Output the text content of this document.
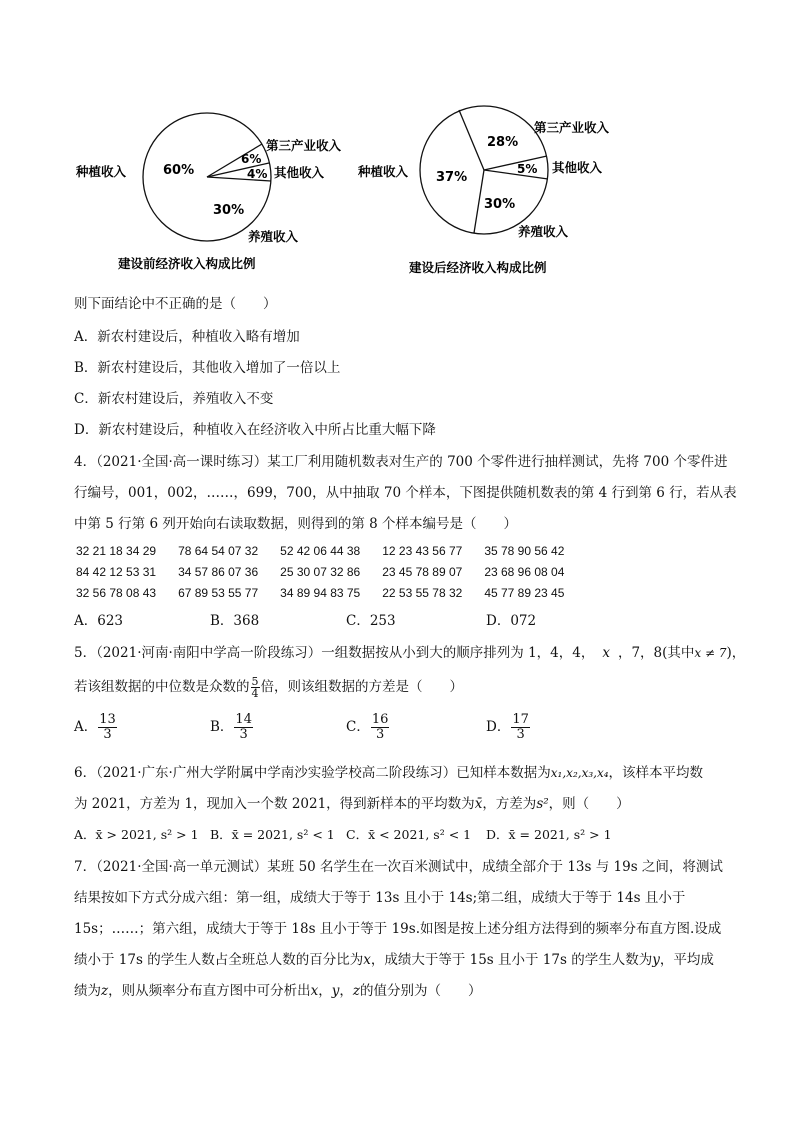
60%
6%
4%
30%
种植收入
第三产业收入
其他收入
养殖收入
建设前经济收入构成比例
37%
28%
5%
30%
种植收入
第三产业收入
其他收入
养殖收入
建设后经济收入构成比例
则下面结论中不正确的是（　　）
A．新农村建设后，种植收入略有增加
B．新农村建设后，其他收入增加了一倍以上
C．新农村建设后，养殖收入不变
D．新农村建设后，种植收入在经济收入中所占比重大幅下降
4．（2021·全国·高一课时练习）某工厂利用随机数表对生产的 700 个零件进行抽样测试，先将 700 个零件进
行编号，001，002，……，699，700，从中抽取 70 个样本，下图提供随机数表的第 4 行到第 6 行，若从表
中第 5 行第 6 列开始向右读取数据，则得到的第 8 个样本编号是（　　）
32 21 18 34 29 78 64 54 07 32 52 42 06 44 38 12 23 43 56 77 35 78 90 56 42
84 42 12 53 31 34 57 86 07 36 25 30 07 32 86 23 45 78 89 07 23 68 96 08 04
32 56 78 08 43 67 89 53 55 77 34 89 94 83 75 22 53 55 78 32 45 77 89 23 45
A．623	B．368	C．253	D．072
5．（2021·河南·南阳中学高一阶段练习）一组数据按从小到大的顺序排列为 1，4，4， x ，7，8(其中x ≠ 7)，
若该组数据的中位数是众数的 $\frac{5}{4}$ 倍，则该组数据的方差是（　　）
A． $\frac{13}{3}$	B． $\frac{14}{3}$	C． $\frac{16}{3}$	D． $\frac{17}{3}$
6．（2021·广东·广州大学附属中学南沙实验学校高二阶段练习）已知样本数据为x₁,x₂,x₃,x₄，该样本平均数
为 2021，方差为 1，现加入一个数 2021，得到新样本的平均数为x̄，方差为s²，则（　　）
A．x̄ > 2021, s² > 1 B．x̄ = 2021, s² < 1 C．x̄ < 2021, s² < 1 D．x̄ = 2021, s² > 1
7．（2021·全国·高一单元测试）某班 50 名学生在一次百米测试中，成绩全部介于 13s 与 19s 之间，将测试
结果按如下方式分成六组：第一组，成绩大于等于 13s 且小于 14s;第二组，成绩大于等于 14s 且小于
15s；……；第六组，成绩大于等于 18s 且小于等于 19s.如图是按上述分组方法得到的频率分布直方图.设成
绩小于 17s 的学生人数占全班总人数的百分比为x，成绩大于等于 15s 且小于 17s 的学生人数为y，平均成
绩为z，则从频率分布直方图中可分析出x，y，z的值分别为（　　）
